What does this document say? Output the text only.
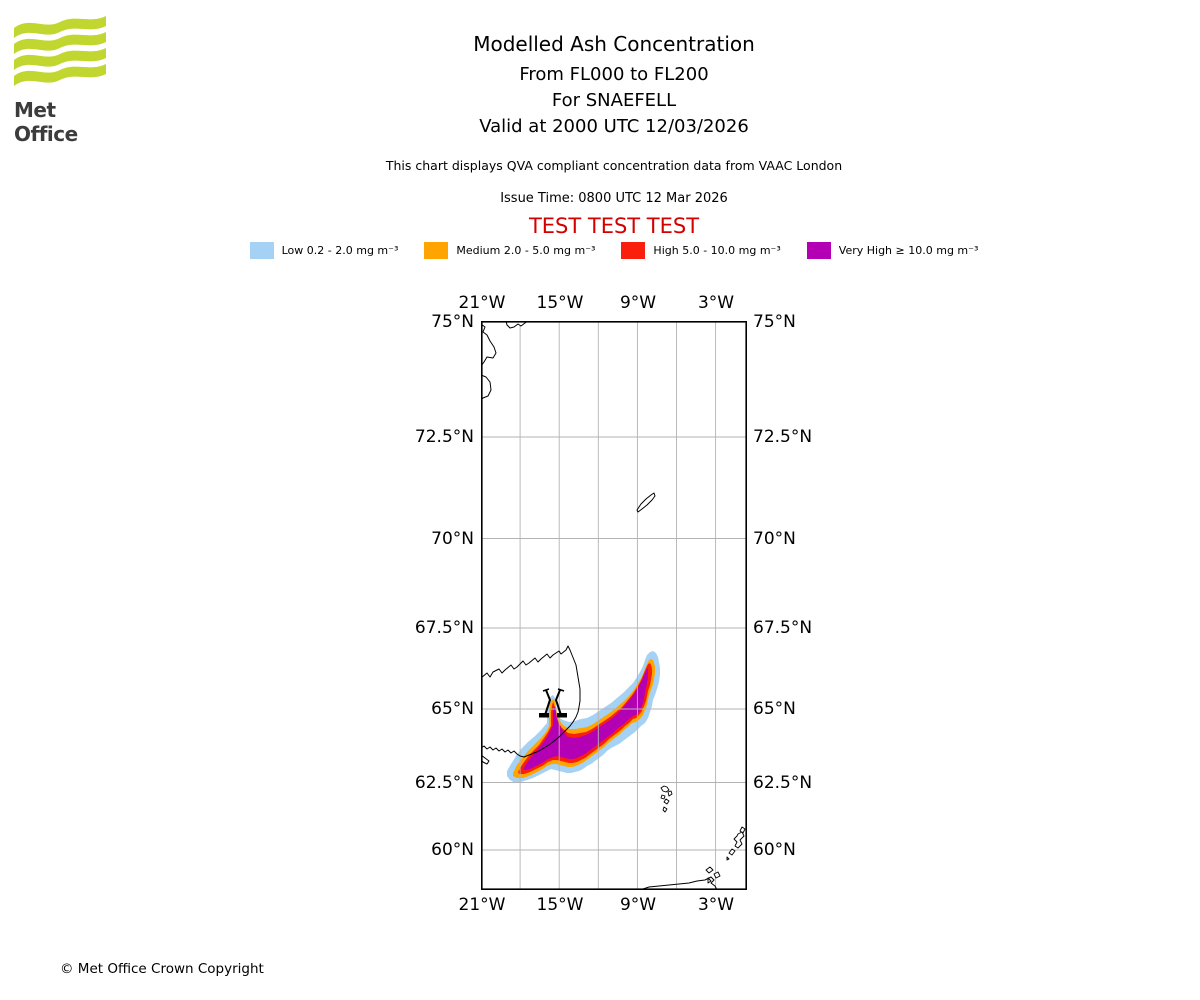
Met Office
Modelled Ash Concentration
From FL000 to FL200
For SNAEFELL
Valid at 2000 UTC 12/03/2026
This chart displays QVA compliant concentration data from VAAC London
Issue Time: 0800 UTC 12 Mar 2026
TEST TEST TEST
Low 0.2 - 2.0 mg m⁻³	Medium 2.0 - 5.0 mg m⁻³	High 5.0 - 10.0 mg m⁻³	Very High ≥ 10.0 mg m⁻³
21°W	15°W	9°W	3°W
21°W	15°W	9°W	3°W
75°N
72.5°N
70°N
67.5°N
65°N
62.5°N
60°N
75°N
72.5°N
70°N
67.5°N
65°N
62.5°N
60°N
© Met Office Crown Copyright
